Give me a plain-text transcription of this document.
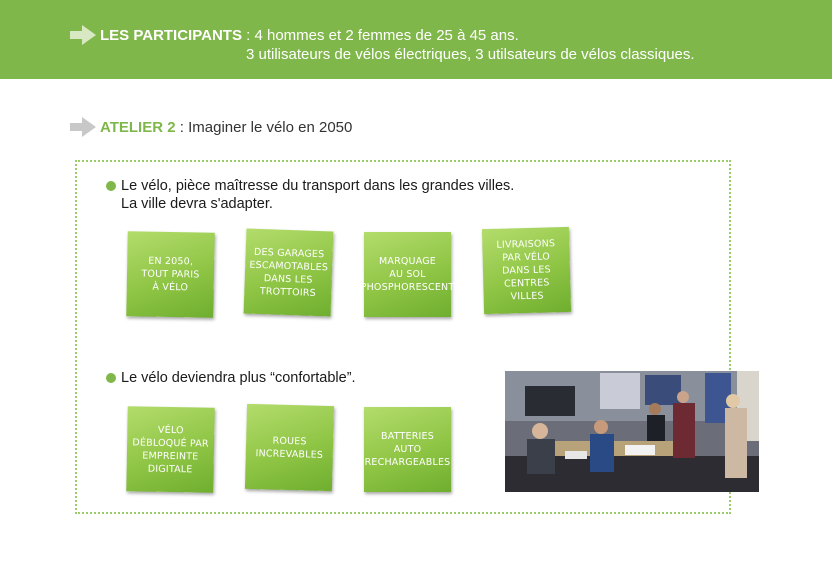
LES PARTICIPANTS : 4 hommes et 2 femmes de 25 à 45 ans.
3 utilisateurs de vélos électriques, 3 utilsateurs de vélos classiques.
ATELIER 2 : Imaginer le vélo en 2050
Le vélo, pièce maîtresse du transport dans les grandes villes.
La ville devra s'adapter.
EN 2050,
TOUT PARIS
À VÉLO
DES GARAGES
ESCAMOTABLES
DANS LES
TROTTOIRS
MARQUAGE
AU SOL
PHOSPHORESCENT
LIVRAISONS
PAR VÉLO
DANS LES
CENTRES
VILLES
Le vélo deviendra plus “confortable”.
VÉLO
DÉBLOQUÉ PAR
EMPREINTE
DIGITALE
ROUES
INCREVABLES
BATTERIES
AUTO
RECHARGEABLES
